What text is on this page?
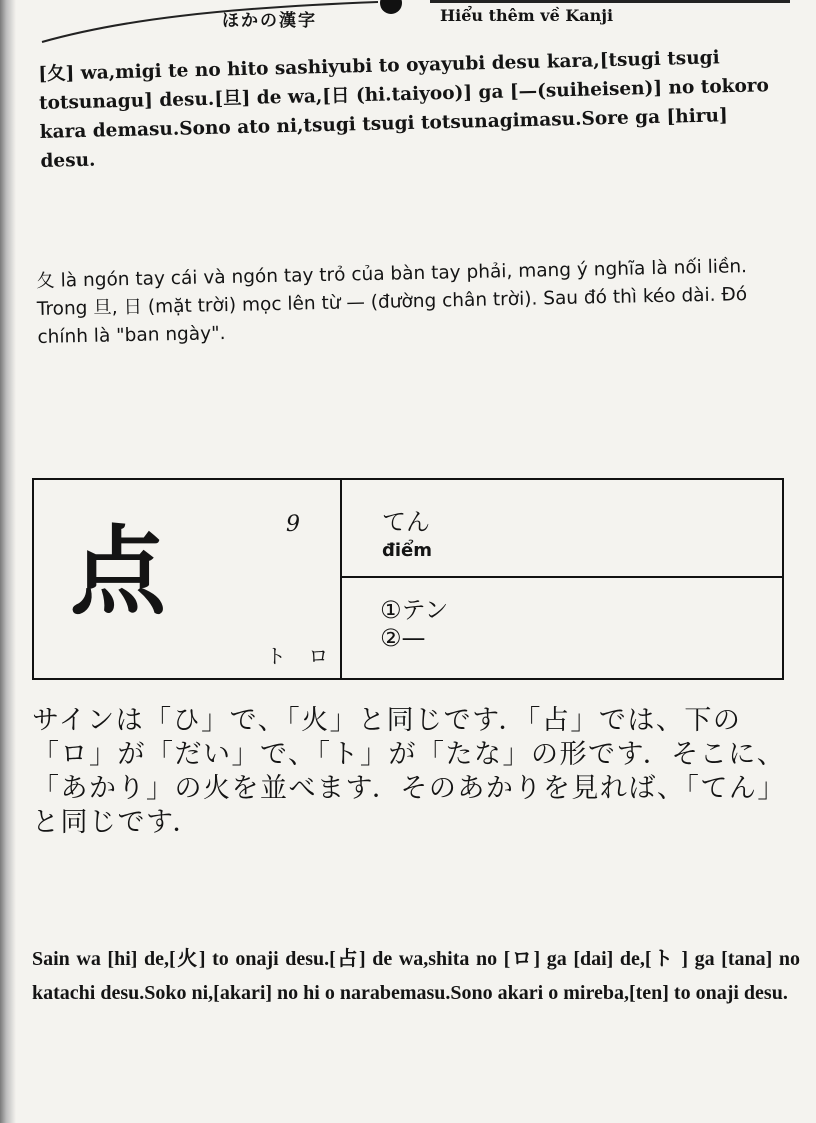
ほかの漢字	Hiểu thêm về Kanji
[夂] wa,migi te no hito sashiyubi to oyayubi desu kara,[tsugi tsugi totsunagu] desu.[旦] de wa,[日 (hi.taiyoo)] ga [—(suiheisen)] no tokoro kara demasu.Sono ato ni,tsugi tsugi totsunagimasu.Sore ga [hiru] desu.
夂 là ngón tay cái và ngón tay trỏ của bàn tay phải, mang ý nghĩa là nối liền. Trong 旦, 日 (mặt trời) mọc lên từ — (đường chân trời). Sau đó thì kéo dài. Đó chính là "ban ngày".
点	9
ト ロ
てん
điểm
①テン
②—
サインは「ひ」で、「火」と同じです．「占」では、下の「ロ」が「だい」で、「ト」が「たな」の形です．そこに、「あかり」の火を並べます．そのあかりを見れば、「てん」と同じです．
Sain wa [hi] de,[火] to onaji desu.[占] de wa,shita no [ロ] ga [dai] de,[ト ] ga [tana] no katachi desu.Soko ni,[akari] no hi o narabemasu.Sono akari o mireba,[ten] to onaji desu.
